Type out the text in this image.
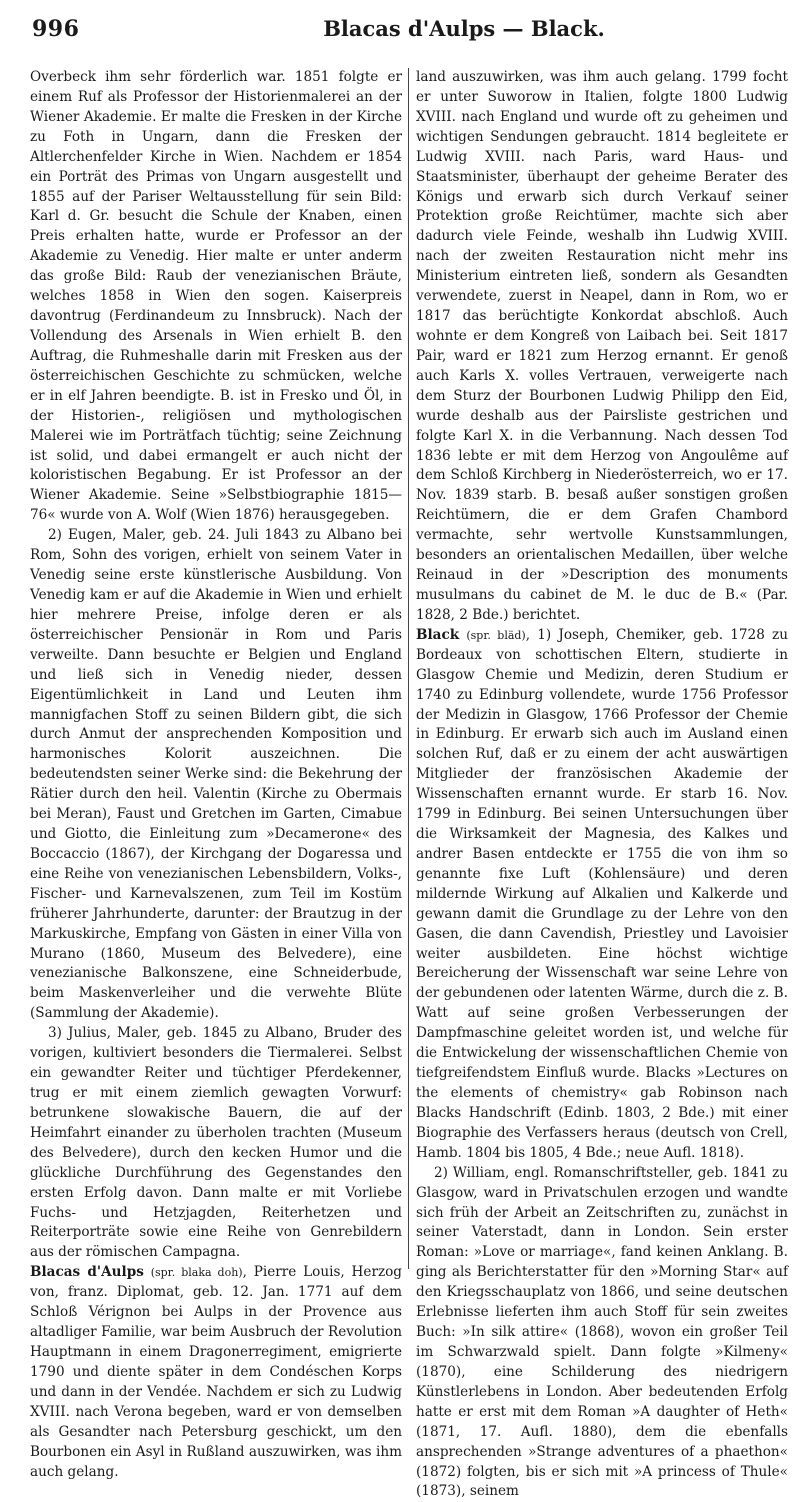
996	Blacas d'Aulps — Black.

Overbeck ihm sehr förderlich war. 1851 folgte er einem Ruf als Professor der Historienmalerei an der Wiener Akademie. Er malte die Fresken in der Kirche zu Foth in Ungarn, dann die Fresken der Altlerchenfelder Kirche in Wien. Nachdem er 1854 ein Porträt des Primas von Ungarn ausgestellt und 1855 auf der Pariser Weltausstellung für sein Bild: Karl d. Gr. besucht die Schule der Knaben, einen Preis erhalten hatte, wurde er Professor an der Akademie zu Venedig. Hier malte er unter anderm das große Bild: Raub der venezianischen Bräute, welches 1858 in Wien den sogen. Kaiserpreis davontrug (Ferdinandeum zu Innsbruck). Nach der Vollendung des Arsenals in Wien erhielt B. den Auftrag, die Ruhmeshalle darin mit Fresken aus der österreichischen Geschichte zu schmücken, welche er in elf Jahren beendigte. B. ist in Fresko und Öl, in der Historien-, religiösen und mythologischen Malerei wie im Porträtfach tüchtig; seine Zeichnung ist solid, und dabei ermangelt er auch nicht der koloristischen Begabung. Er ist Professor an der Wiener Akademie. Seine »Selbstbiographie 1815—76« wurde von A. Wolf (Wien 1876) herausgegeben.

2) Eugen, Maler, geb. 24. Juli 1843 zu Albano bei Rom, Sohn des vorigen, erhielt von seinem Vater in Venedig seine erste künstlerische Ausbildung. Von Venedig kam er auf die Akademie in Wien und erhielt hier mehrere Preise, infolge deren er als österreichischer Pensionär in Rom und Paris verweilte. Dann besuchte er Belgien und England und ließ sich in Venedig nieder, dessen Eigentümlichkeit in Land und Leuten ihm mannigfachen Stoff zu seinen Bildern gibt, die sich durch Anmut der ansprechenden Komposition und harmonisches Kolorit auszeichnen. Die bedeutendsten seiner Werke sind: die Bekehrung der Rätier durch den heil. Valentin (Kirche zu Obermais bei Meran), Faust und Gretchen im Garten, Cimabue und Giotto, die Einleitung zum »Decamerone« des Boccaccio (1867), der Kirchgang der Dogaressa und eine Reihe von venezianischen Lebensbildern, Volks-, Fischer- und Karnevalszenen, zum Teil im Kostüm früherer Jahrhunderte, darunter: der Brautzug in der Markuskirche, Empfang von Gästen in einer Villa von Murano (1860, Museum des Belvedere), eine venezianische Balkonszene, eine Schneiderbude, beim Maskenverleiher und die verwehte Blüte (Sammlung der Akademie).

3) Julius, Maler, geb. 1845 zu Albano, Bruder des vorigen, kultiviert besonders die Tiermalerei. Selbst ein gewandter Reiter und tüchtiger Pferdekenner, trug er mit einem ziemlich gewagten Vorwurf: betrunkene slowakische Bauern, die auf der Heimfahrt einander zu überholen trachten (Museum des Belvedere), durch den kecken Humor und die glückliche Durchführung des Gegenstandes den ersten Erfolg davon. Dann malte er mit Vorliebe Fuchs- und Hetzjagden, Reiterhetzen und Reiterporträte sowie eine Reihe von Genrebildern aus der römischen Campagna.

Blacas d'Aulps (spr. blaka doh), Pierre Louis, Herzog von, franz. Diplomat, geb. 12. Jan. 1771 auf dem Schloß Vérignon bei Aulps in der Provence aus altadliger Familie, war beim Ausbruch der Revolution Hauptmann in einem Dragonerregiment, emigrierte 1790 und diente später in dem Condéschen Korps und dann in der Vendée. Nachdem er sich zu Ludwig XVIII. nach Verona begeben, ward er von demselben als Gesandter nach Petersburg geschickt, um den Bourbonen ein Asyl in Rußland auszuwirken, was ihm auch gelang.

land auszuwirken, was ihm auch gelang. 1799 focht er unter Suworow in Italien, folgte 1800 Ludwig XVIII. nach England und wurde oft zu geheimen und wichtigen Sendungen gebraucht. 1814 begleitete er Ludwig XVIII. nach Paris, ward Haus- und Staatsminister, überhaupt der geheime Berater des Königs und erwarb sich durch Verkauf seiner Protektion große Reichtümer, machte sich aber dadurch viele Feinde, weshalb ihn Ludwig XVIII. nach der zweiten Restauration nicht mehr ins Ministerium eintreten ließ, sondern als Gesandten verwendete, zuerst in Neapel, dann in Rom, wo er 1817 das berüchtigte Konkordat abschloß. Auch wohnte er dem Kongreß von Laibach bei. Seit 1817 Pair, ward er 1821 zum Herzog ernannt. Er genoß auch Karls X. volles Vertrauen, verweigerte nach dem Sturz der Bourbonen Ludwig Philipp den Eid, wurde deshalb aus der Pairsliste gestrichen und folgte Karl X. in die Verbannung. Nach dessen Tod 1836 lebte er mit dem Herzog von Angoulême auf dem Schloß Kirchberg in Niederösterreich, wo er 17. Nov. 1839 starb. B. besaß außer sonstigen großen Reichtümern, die er dem Grafen Chambord vermachte, sehr wertvolle Kunstsammlungen, besonders an orientalischen Medaillen, über welche Reinaud in der »Description des monuments musulmans du cabinet de M. le duc de B.« (Par. 1828, 2 Bde.) berichtet.

Black (spr. bläd), 1) Joseph, Chemiker, geb. 1728 zu Bordeaux von schottischen Eltern, studierte in Glasgow Chemie und Medizin, deren Studium er 1740 zu Edinburg vollendete, wurde 1756 Professor der Medizin in Glasgow, 1766 Professor der Chemie in Edinburg. Er erwarb sich auch im Ausland einen solchen Ruf, daß er zu einem der acht auswärtigen Mitglieder der französischen Akademie der Wissenschaften ernannt wurde. Er starb 16. Nov. 1799 in Edinburg. Bei seinen Untersuchungen über die Wirksamkeit der Magnesia, des Kalkes und andrer Basen entdeckte er 1755 die von ihm so genannte fixe Luft (Kohlensäure) und deren mildernde Wirkung auf Alkalien und Kalkerde und gewann damit die Grundlage zu der Lehre von den Gasen, die dann Cavendish, Priestley und Lavoisier weiter ausbildeten. Eine höchst wichtige Bereicherung der Wissenschaft war seine Lehre von der gebundenen oder latenten Wärme, durch die z. B. Watt auf seine großen Verbesserungen der Dampfmaschine geleitet worden ist, und welche für die Entwickelung der wissenschaftlichen Chemie von tiefgreifendstem Einfluß wurde. Blacks »Lectures on the elements of chemistry« gab Robinson nach Blacks Handschrift (Edinb. 1803, 2 Bde.) mit einer Biographie des Verfassers heraus (deutsch von Crell, Hamb. 1804 bis 1805, 4 Bde.; neue Aufl. 1818).

2) William, engl. Romanschriftsteller, geb. 1841 zu Glasgow, ward in Privatschulen erzogen und wandte sich früh der Arbeit an Zeitschriften zu, zunächst in seiner Vaterstadt, dann in London. Sein erster Roman: »Love or marriage«, fand keinen Anklang. B. ging als Berichterstatter für den »Morning Star« auf den Kriegsschauplatz von 1866, und seine deutschen Erlebnisse lieferten ihm auch Stoff für sein zweites Buch: »In silk attire« (1868), wovon ein großer Teil im Schwarzwald spielt. Dann folgte »Kilmeny« (1870), eine Schilderung des niedrigern Künstlerlebens in London. Aber bedeutenden Erfolg hatte er erst mit dem Roman »A daughter of Heth« (1871, 17. Aufl. 1880), dem die ebenfalls ansprechenden »Strange adventures of a phaethon« (1872) folgten, bis er sich mit »A princess of Thule« (1873), seinem
